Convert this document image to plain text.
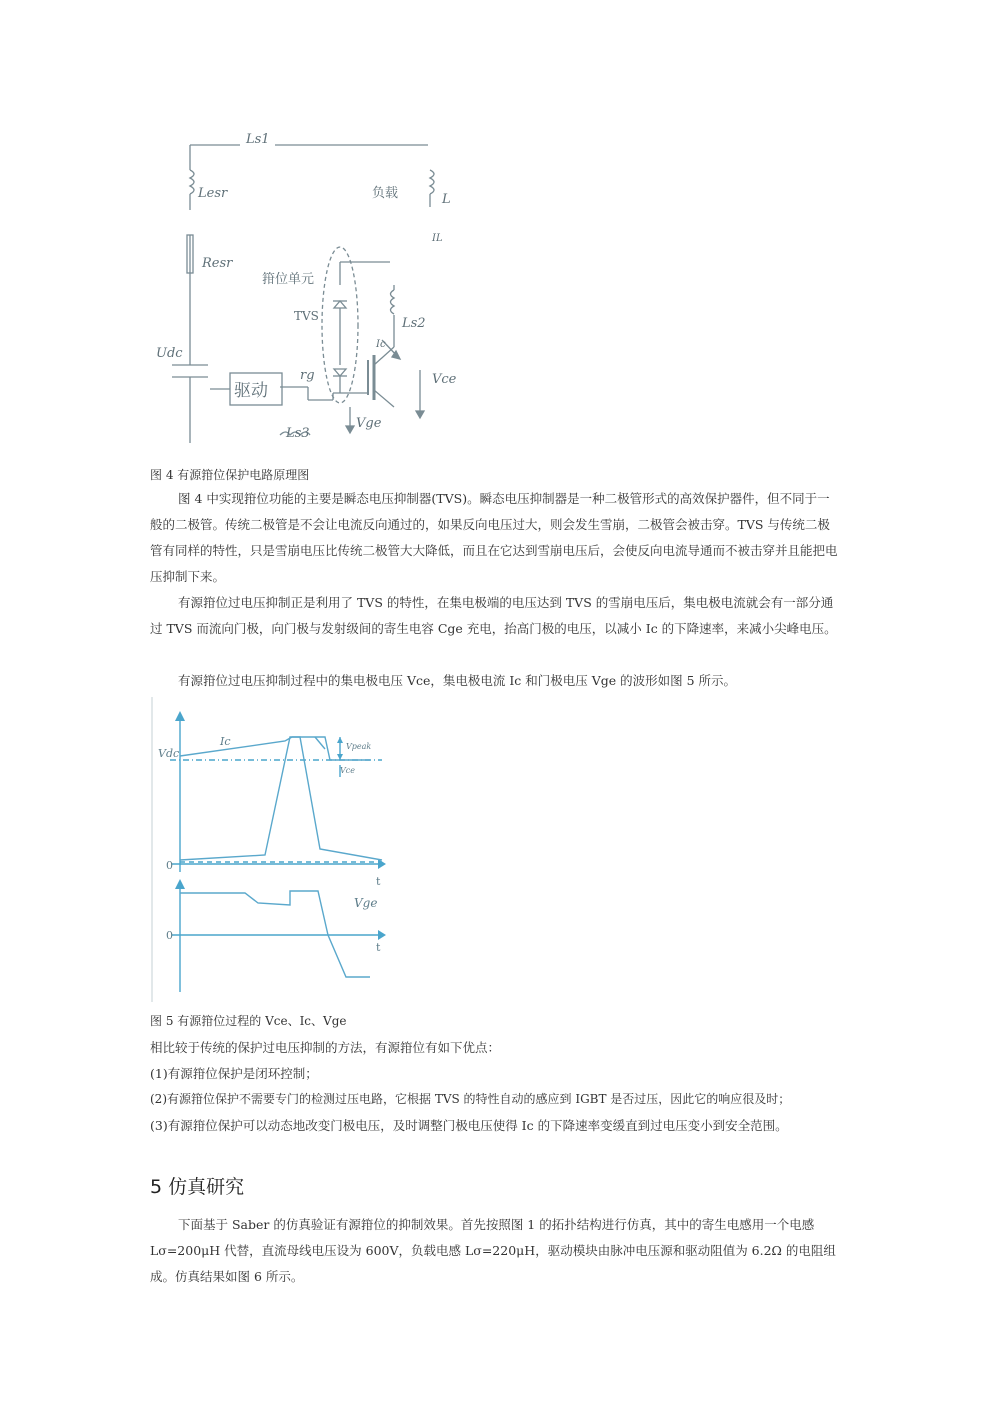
Ls1
Lesr	负载	L
IL
Resr
箝位单元
TVS	Ls2
Ic
Udc
Vce
驱动
rg
Vge
Ls3
图 4 有源箝位保护电路原理图
图 4 中实现箝位功能的主要是瞬态电压抑制器(TVS)。瞬态电压抑制器是一种二极管形式的高效保护器件，但不同于一般的二极管。传统二极管是不会让电流反向通过的，如果反向电压过大，则会发生雪崩，二极管会被击穿。TVS 与传统二极管有同样的特性，只是雪崩电压比传统二极管大大降低，而且在它达到雪崩电压后，会使反向电流导通而不被击穿并且能把电压抑制下来。
有源箝位过电压抑制正是利用了 TVS 的特性，在集电极端的电压达到 TVS 的雪崩电压后，集电极电流就会有一部分通过 TVS 而流向门极，向门极与发射级间的寄生电容 Cge 充电，抬高门极的电压，以减小 Ic 的下降速率，来减小尖峰电压。
有源箝位过电压抑制过程中的集电极电压 Vce，集电极电流 Ic 和门极电压 Vge 的波形如图 5 所示。
Vdc
Ic	Vpeak
Vce
0
t
Vge
0
t
图 5 有源箝位过程的 Vce、Ic、Vge
相比较于传统的保护过电压抑制的方法，有源箝位有如下优点：
(1)有源箝位保护是闭环控制；
(2)有源箝位保护不需要专门的检测过压电路，它根据 TVS 的特性自动的感应到 IGBT 是否过压，因此它的响应很及时；
(3)有源箝位保护可以动态地改变门极电压，及时调整门极电压使得 Ic 的下降速率变缓直到过电压变小到安全范围。
5 仿真研究
下面基于 Saber 的仿真验证有源箝位的抑制效果。首先按照图 1 的拓扑结构进行仿真，其中的寄生电感用一个电感 Lσ=200μH 代替，直流母线电压设为 600V，负载电感 Lσ=220μH，驱动模块由脉冲电压源和驱动阻值为 6.2Ω 的电阻组成。仿真结果如图 6 所示。
